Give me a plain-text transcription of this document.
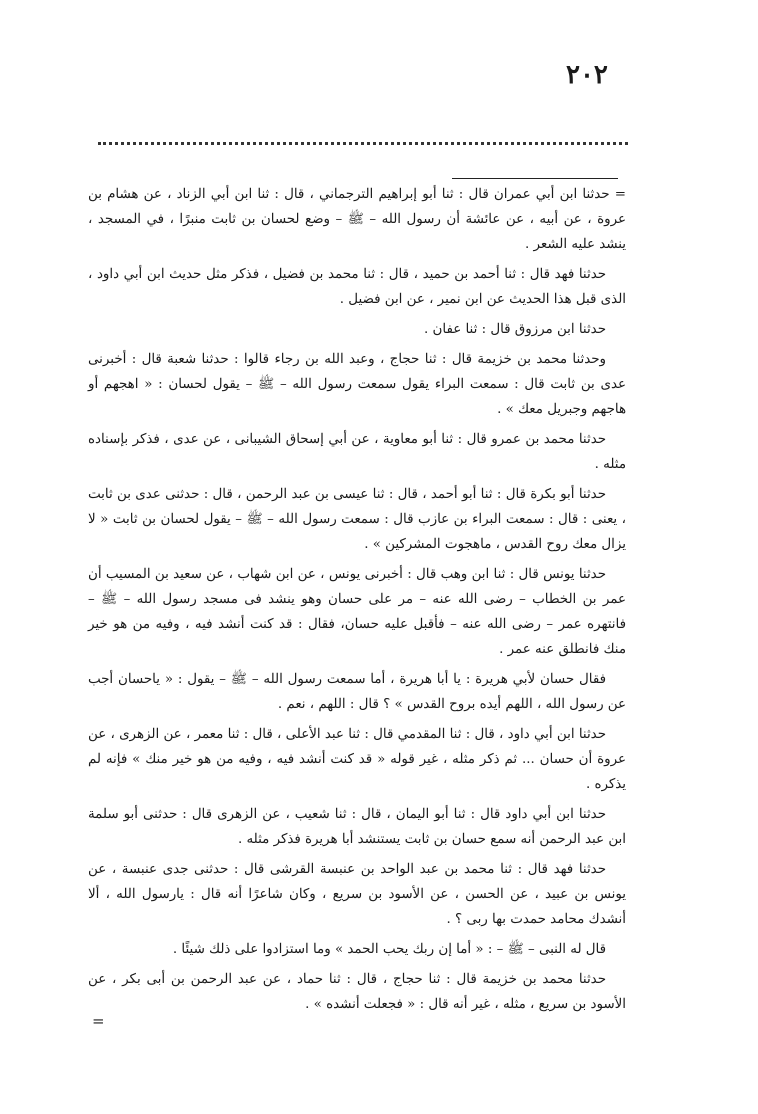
٢٠٢

= حدثنا ابن أبي عمران قال : ثنا أبو إبراهيم الترجماني ، قال : ثنا ابن أبي الزناد ، عن هشام بن عروة ، عن أبيه ، عن عائشة أن رسول الله – ﷺ – وضع لحسان بن ثابت منبرًا ، في المسجد ، ينشد عليه الشعر .

حدثنا فهد قال : ثنا أحمد بن حميد ، قال : ثنا محمد بن فضيل ، فذكر مثل حديث ابن أبي داود ، الذى قبل هذا الحديث عن ابن نمير ، عن ابن فضيل .

حدثنا ابن مرزوق قال : ثنا عفان .

وحدثنا محمد بن خزيمة قال : ثنا حجاج ، وعبد الله بن رجاء قالوا : حدثنا شعبة قال : أخبرنى عدى بن ثابت قال : سمعت البراء يقول سمعت رسول الله – ﷺ – يقول لحسان : « اهجهم أو هاجهم وجبريل معك » .

حدثنا محمد بن عمرو قال : ثنا أبو معاوية ، عن أبي إسحاق الشيبانى ، عن عدى ، فذكر بإسناده مثله .

حدثنا أبو بكرة قال : ثنا أبو أحمد ، قال : ثنا عيسى بن عبد الرحمن ، قال : حدثنى عدى بن ثابت ، يعنى : قال : سمعت البراء بن عازب قال : سمعت رسول الله – ﷺ – يقول لحسان بن ثابت « لا يزال معك روح القدس ، ماهجوت المشركين » .

حدثنا يونس قال : ثنا ابن وهب قال : أخبرنى يونس ، عن ابن شهاب ، عن سعيد بن المسيب أن عمر بن الخطاب – رضى الله عنه – مر على حسان وهو ينشد فى مسجد رسول الله – ﷺ – فانتهره عمر – رضى الله عنه – فأقبل عليه حسان، فقال : قد كنت أنشد فيه ، وفيه من هو خير منك فانطلق عنه عمر .

فقال حسان لأبي هريرة : يا أبا هريرة ، أما سمعت رسول الله – ﷺ – يقول : « ياحسان أجب عن رسول الله ، اللهم أيده بروح القدس » ؟ قال : اللهم ، نعم .

حدثنا ابن أبي داود ، قال : ثنا المقدمي قال : ثنا عبد الأعلى ، قال : ثنا معمر ، عن الزهرى ، عن عروة أن حسان ... ثم ذكر مثله ، غير قوله « قد كنت أنشد فيه ، وفيه من هو خير منك » فإنه لم يذكره .

حدثنا ابن أبي داود قال : ثنا أبو اليمان ، قال : ثنا شعيب ، عن الزهرى قال : حدثنى أبو سلمة ابن عبد الرحمن أنه سمع حسان بن ثابت يستنشد أبا هريرة فذكر مثله .

حدثنا فهد قال : ثنا محمد بن عبد الواحد بن عنبسة القرشى قال : حدثنى جدى عنبسة ، عن يونس بن عبيد ، عن الحسن ، عن الأسود بن سريع ، وكان شاعرًا أنه قال : يارسول الله ، ألا أنشدك محامد حمدت بها ربى ؟ .

قال له النبى – ﷺ – : « أما إن ربك يحب الحمد » وما استزادوا على ذلك شيئًا .

حدثنا محمد بن خزيمة قال : ثنا حجاج ، قال : ثنا حماد ، عن عبد الرحمن بن أبى بكر ، عن الأسود بن سريع ، مثله ، غير أنه قال : « فجعلت أنشده » .

=
